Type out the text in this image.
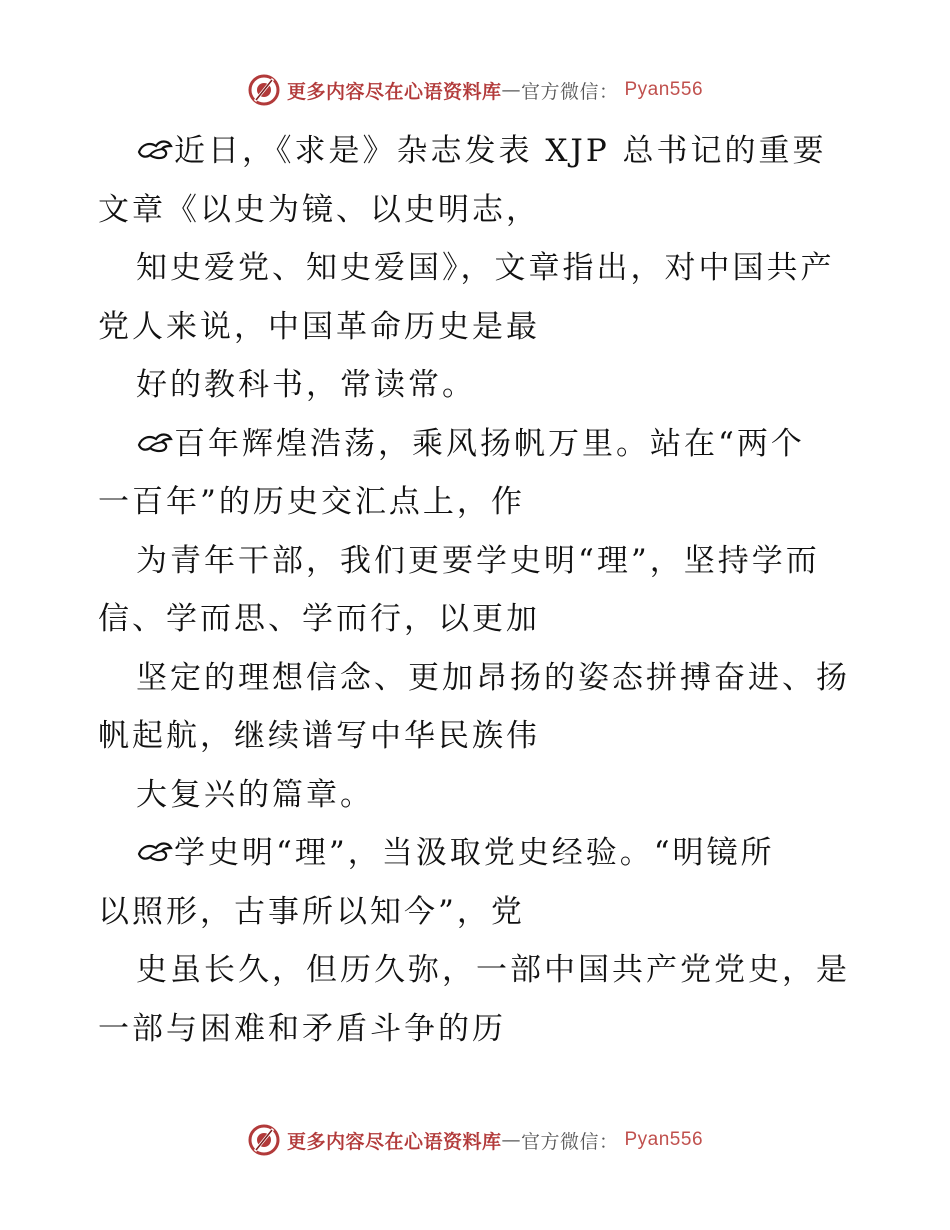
更多内容尽在心语资料库 — 官方微信： Pyan556
近日，《求是》杂志发表 XJP 总书记的重要
文章《以史为镜、以史明志，
知史爱党、知史爱国》，文章指出，对中国共产
党人来说，中国革命历史是最
好的教科书，常读常。
百年辉煌浩荡，乘风扬帆万里。站在“两个
一百年”的历史交汇点上，作
为青年干部，我们更要学史明“理”，坚持学而
信、学而思、学而行，以更加
坚定的理想信念、更加昂扬的姿态拼搏奋进、扬
帆起航，继续谱写中华民族伟
大复兴的篇章。
学史明“理”，当汲取党史经验。“明镜所
以照形，古事所以知今”，党
史虽长久，但历久弥，一部中国共产党党史，是
一部与困难和矛盾斗争的历
更多内容尽在心语资料库 — 官方微信： Pyan556
